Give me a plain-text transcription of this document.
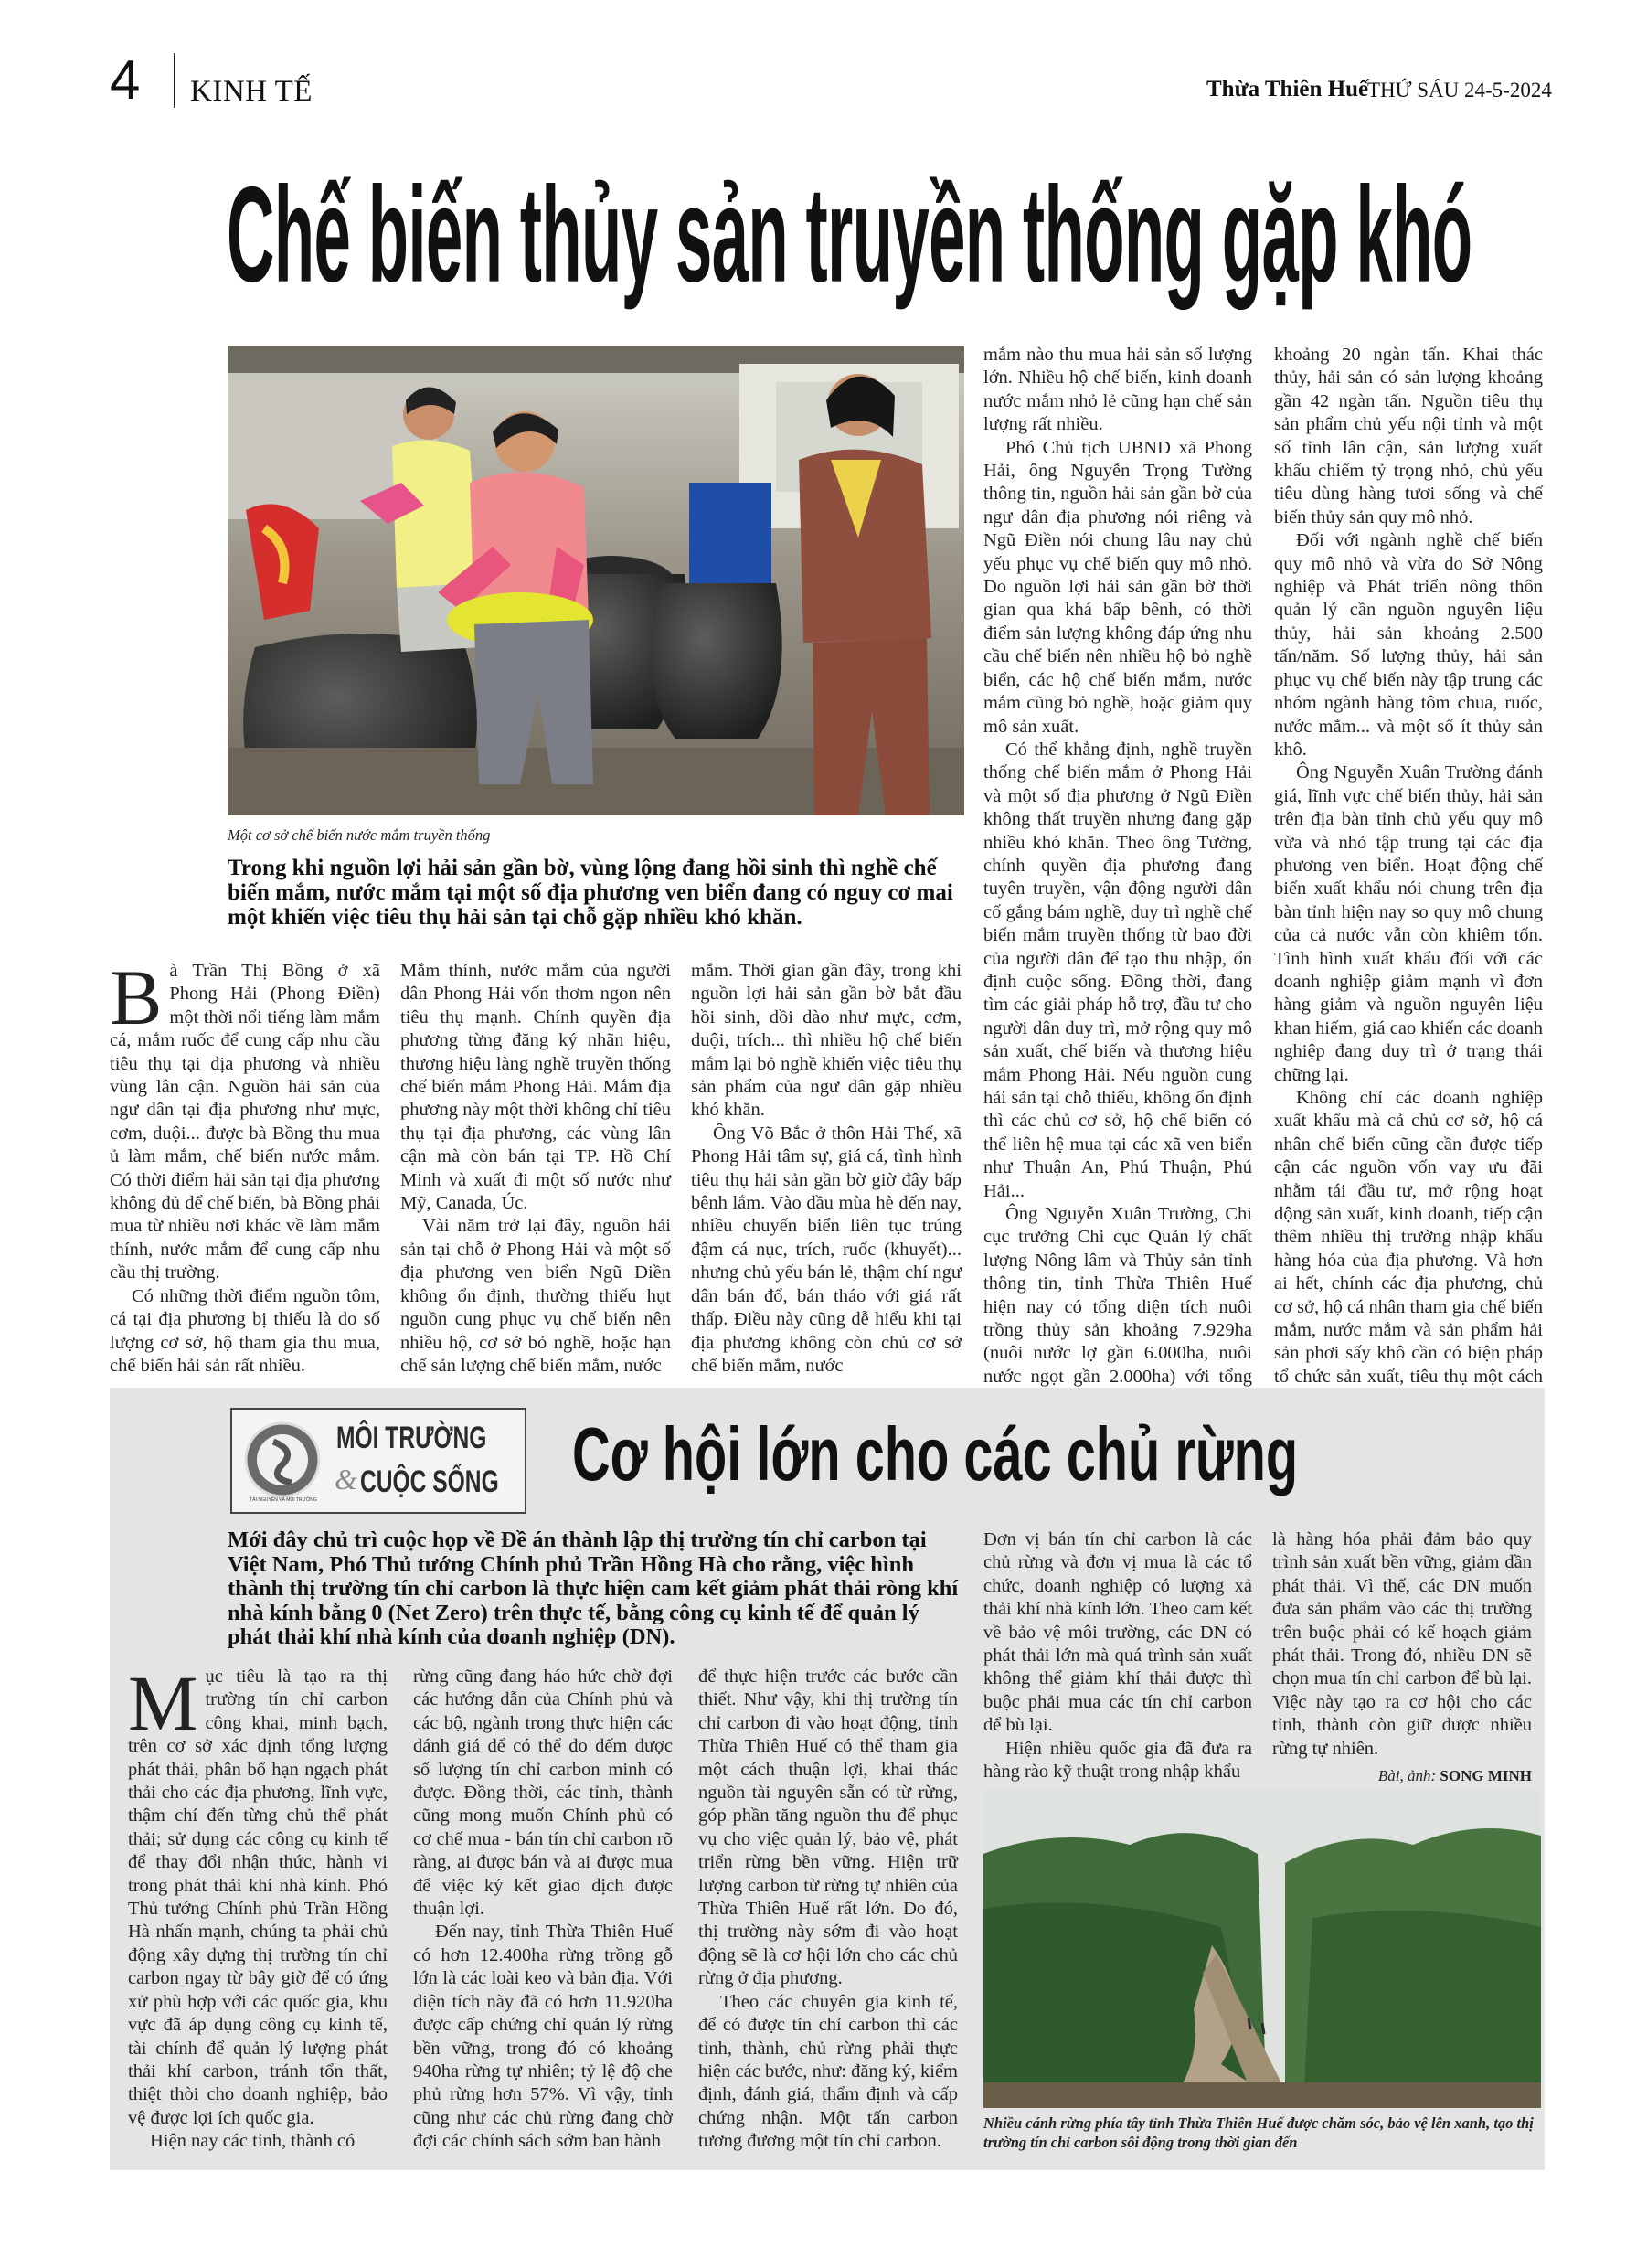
4 KINH TẾ	Thừa Thiên Huế
THỨ SÁU 24-5-2024
Chế biến thủy sản truyền thống gặp khó
Một cơ sở chế biến nước mắm truyền thống
Trong khi nguồn lợi hải sản gần bờ, vùng lộng đang hồi sinh thì nghề chế biến mắm, nước mắm tại một số địa phương ven biển đang có nguy cơ mai một khiến việc tiêu thụ hải sản tại chỗ gặp nhiều khó khăn.

Bà Trần Thị Bồng ở xã Phong Hải (Phong Điền) một thời nổi tiếng làm mắm cá, mắm ruốc để cung cấp nhu cầu tiêu thụ tại địa phương và nhiều vùng lân cận. Nguồn hải sản của ngư dân tại địa phương như mực, cơm, duội... được bà Bồng thu mua ủ làm mắm, chế biến nước mắm. Có thời điểm hải sản tại địa phương không đủ để chế biến, bà Bồng phải mua từ nhiều nơi khác về làm mắm thính, nước mắm để cung cấp nhu cầu thị trường.

Có những thời điểm nguồn tôm, cá tại địa phương bị thiếu là do số lượng cơ sở, hộ tham gia thu mua, chế biến hải sản rất nhiều.

Mắm thính, nước mắm của người dân Phong Hải vốn thơm ngon nên tiêu thụ mạnh. Chính quyền địa phương từng đăng ký nhãn hiệu, thương hiệu làng nghề truyền thống chế biến mắm Phong Hải. Mắm địa phương này một thời không chỉ tiêu thụ tại địa phương, các vùng lân cận mà còn bán tại TP. Hồ Chí Minh và xuất đi một số nước như Mỹ, Canada, Úc.

Vài năm trở lại đây, nguồn hải sản tại chỗ ở Phong Hải và một số địa phương ven biển Ngũ Điền không ổn định, thường thiếu hụt nguồn cung phục vụ chế biến nên nhiều hộ, cơ sở bỏ nghề, hoặc hạn chế sản lượng chế biến mắm, nước

mắm. Thời gian gần đây, trong khi nguồn lợi hải sản gần bờ bắt đầu hồi sinh, dồi dào như mực, cơm, duội, trích... thì nhiều hộ chế biến mắm lại bỏ nghề khiến việc tiêu thụ sản phẩm của ngư dân gặp nhiều khó khăn.

Ông Võ Bắc ở thôn Hải Thế, xã Phong Hải tâm sự, giá cá, tình hình tiêu thụ hải sản gần bờ giờ đây bấp bênh lắm. Vào đầu mùa hè đến nay, nhiều chuyến biển liên tục trúng đậm cá nục, trích, ruốc (khuyết)... nhưng chủ yếu bán lẻ, thậm chí ngư dân bán đổ, bán tháo với giá rất thấp. Điều này cũng dễ hiểu khi tại địa phương không còn chủ cơ sở chế biến mắm, nước

mắm nào thu mua hải sản số lượng lớn. Nhiều hộ chế biến, kinh doanh nước mắm nhỏ lẻ cũng hạn chế sản lượng rất nhiều.

Phó Chủ tịch UBND xã Phong Hải, ông Nguyễn Trọng Tường thông tin, nguồn hải sản gần bờ của ngư dân địa phương nói riêng và Ngũ Điền nói chung lâu nay chủ yếu phục vụ chế biến quy mô nhỏ. Do nguồn lợi hải sản gần bờ thời gian qua khá bấp bênh, có thời điểm sản lượng không đáp ứng nhu cầu chế biến nên nhiều hộ bỏ nghề biển, các hộ chế biến mắm, nước mắm cũng bỏ nghề, hoặc giảm quy mô sản xuất.

Có thể khẳng định, nghề truyền thống chế biến mắm ở Phong Hải và một số địa phương ở Ngũ Điền không thất truyền nhưng đang gặp nhiều khó khăn. Theo ông Tường, chính quyền địa phương đang tuyên truyền, vận động người dân cố gắng bám nghề, duy trì nghề chế biến mắm truyền thống từ bao đời của người dân để tạo thu nhập, ổn định cuộc sống. Đồng thời, đang tìm các giải pháp hỗ trợ, đầu tư cho người dân duy trì, mở rộng quy mô sản xuất, chế biến và thương hiệu mắm Phong Hải. Nếu nguồn cung hải sản tại chỗ thiếu, không ổn định thì các chủ cơ sở, hộ chế biến có thể liên hệ mua tại các xã ven biển như Thuận An, Phú Thuận, Phú Hải...

Ông Nguyễn Xuân Trường, Chi cục trưởng Chi cục Quản lý chất lượng Nông lâm và Thủy sản tỉnh thông tin, tỉnh Thừa Thiên Huế hiện nay có tổng diện tích nuôi trồng thủy sản khoảng 7.929ha (nuôi nước lợ gần 6.000ha, nuôi nước ngọt gần 2.000ha) với tổng

khoảng 20 ngàn tấn. Khai thác thủy, hải sản có sản lượng khoảng gần 42 ngàn tấn. Nguồn tiêu thụ sản phẩm chủ yếu nội tỉnh và một số tỉnh lân cận, sản lượng xuất khẩu chiếm tỷ trọng nhỏ, chủ yếu tiêu dùng hàng tươi sống và chế biến thủy sản quy mô nhỏ.

Đối với ngành nghề chế biến quy mô nhỏ và vừa do Sở Nông nghiệp và Phát triển nông thôn quản lý cần nguồn nguyên liệu thủy, hải sản khoảng 2.500 tấn/năm. Số lượng thủy, hải sản phục vụ chế biến này tập trung các nhóm ngành hàng tôm chua, ruốc, nước mắm... và một số ít thủy sản khô.

Ông Nguyễn Xuân Trường đánh giá, lĩnh vực chế biến thủy, hải sản trên địa bàn tỉnh chủ yếu quy mô vừa và nhỏ tập trung tại các địa phương ven biển. Hoạt động chế biến xuất khẩu nói chung trên địa bàn tỉnh hiện nay so quy mô chung của cả nước vẫn còn khiêm tốn. Tình hình xuất khẩu đối với các doanh nghiệp giảm mạnh vì đơn hàng giảm và nguồn nguyên liệu khan hiếm, giá cao khiến các doanh nghiệp đang duy trì ở trạng thái chững lại.

Không chỉ các doanh nghiệp xuất khẩu mà cả chủ cơ sở, hộ cá nhân chế biến cũng cần được tiếp cận các nguồn vốn vay ưu đãi nhằm tái đầu tư, mở rộng hoạt động sản xuất, kinh doanh, tiếp cận thêm nhiều thị trường nhập khẩu hàng hóa của địa phương. Và hơn ai hết, chính các địa phương, chủ cơ sở, hộ cá nhân tham gia chế biến mắm, nước mắm và sản phẩm hải sản phơi sấy khô cần có biện pháp tổ chức sản xuất, tiêu thụ một cách

TÀI NGUYÊN VÀ MÔI TRƯỜNG
MÔI TRƯỜNG
& CUỘC SỐNG Cơ hội lớn cho các chủ rừng
Mới đây chủ trì cuộc họp về Đề án thành lập thị trường tín chỉ carbon tại Việt Nam, Phó Thủ tướng Chính phủ Trần Hồng Hà cho rằng, việc hình thành thị trường tín chỉ carbon là thực hiện cam kết giảm phát thải ròng khí nhà kính bằng 0 (Net Zero) trên thực tế, bằng công cụ kinh tế để quản lý phát thải khí nhà kính của doanh nghiệp (DN).

Mục tiêu là tạo ra thị trường tín chỉ carbon công khai, minh bạch, trên cơ sở xác định tổng lượng phát thải, phân bổ hạn ngạch phát thải cho các địa phương, lĩnh vực, thậm chí đến từng chủ thể phát thải; sử dụng các công cụ kinh tế để thay đổi nhận thức, hành vi trong phát thải khí nhà kính. Phó Thủ tướng Chính phủ Trần Hồng Hà nhấn mạnh, chúng ta phải chủ động xây dựng thị trường tín chỉ carbon ngay từ bây giờ để có ứng xử phù hợp với các quốc gia, khu vực đã áp dụng công cụ kinh tế, tài chính để quản lý lượng phát thải khí carbon, tránh tổn thất, thiệt thòi cho doanh nghiệp, bảo vệ được lợi ích quốc gia.

Hiện nay các tỉnh, thành có

rừng cũng đang háo hức chờ đợi các hướng dẫn của Chính phủ và các bộ, ngành trong thực hiện các đánh giá để có thể đo đếm được số lượng tín chỉ carbon minh có được. Đồng thời, các tỉnh, thành cũng mong muốn Chính phủ có cơ chế mua - bán tín chỉ carbon rõ ràng, ai được bán và ai được mua để việc ký kết giao dịch được thuận lợi.

Đến nay, tỉnh Thừa Thiên Huế có hơn 12.400ha rừng trồng gỗ lớn là các loài keo và bản địa. Với diện tích này đã có hơn 11.920ha được cấp chứng chỉ quản lý rừng bền vững, trong đó có khoảng 940ha rừng tự nhiên; tỷ lệ độ che phủ rừng hơn 57%. Vì vậy, tỉnh cũng như các chủ rừng đang chờ đợi các chính sách sớm ban hành

để thực hiện trước các bước cần thiết. Như vậy, khi thị trường tín chỉ carbon đi vào hoạt động, tỉnh Thừa Thiên Huế có thể tham gia một cách thuận lợi, khai thác nguồn tài nguyên sẵn có từ rừng, góp phần tăng nguồn thu để phục vụ cho việc quản lý, bảo vệ, phát triển rừng bền vững. Hiện trữ lượng carbon từ rừng tự nhiên của Thừa Thiên Huế rất lớn. Do đó, thị trường này sớm đi vào hoạt động sẽ là cơ hội lớn cho các chủ rừng ở địa phương.

Theo các chuyên gia kinh tế, để có được tín chỉ carbon thì các tỉnh, thành, chủ rừng phải thực hiện các bước, như: đăng ký, kiểm định, đánh giá, thẩm định và cấp chứng nhận. Một tấn carbon tương đương một tín chỉ carbon.

Đơn vị bán tín chỉ carbon là các chủ rừng và đơn vị mua là các tổ chức, doanh nghiệp có lượng xả thải khí nhà kính lớn. Theo cam kết về bảo vệ môi trường, các DN có phát thải lớn mà quá trình sản xuất không thể giảm khí thải được thì buộc phải mua các tín chỉ carbon để bù lại.

Hiện nhiều quốc gia đã đưa ra hàng rào kỹ thuật trong nhập khẩu

là hàng hóa phải đảm bảo quy trình sản xuất bền vững, giảm dần phát thải. Vì thế, các DN muốn đưa sản phẩm vào các thị trường trên buộc phải có kế hoạch giảm phát thải. Trong đó, nhiều DN sẽ chọn mua tín chỉ carbon để bù lại. Việc này tạo ra cơ hội cho các tỉnh, thành còn giữ được nhiều rừng tự nhiên.

Bài, ảnh: SONG MINH
Nhiều cánh rừng phía tây tỉnh Thừa Thiên Huế được chăm sóc, bảo vệ lên xanh, tạo thị trường tín chỉ carbon sôi động trong thời gian đến
